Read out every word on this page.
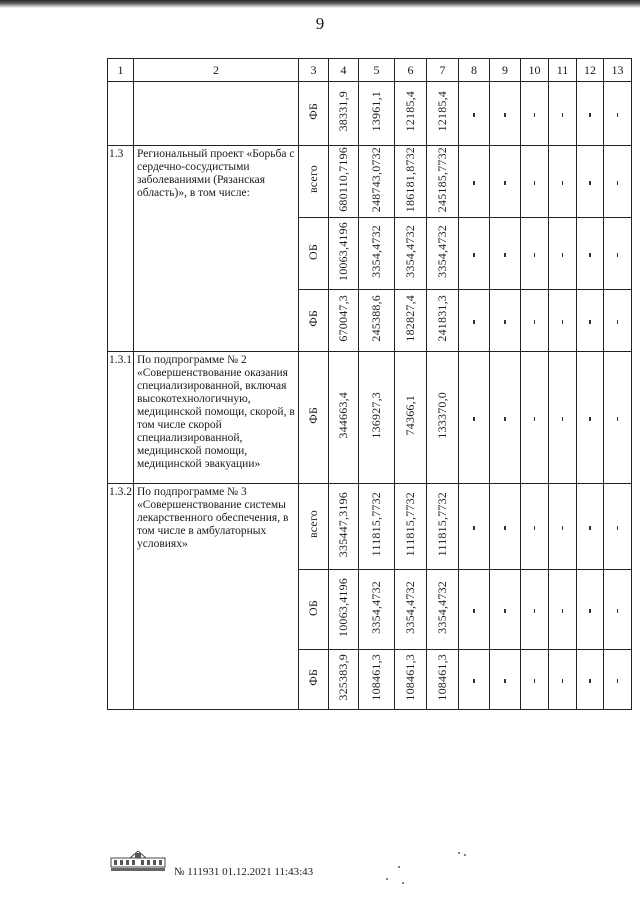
9
1	2	3	4	5	6	7	8	9	10	11	12	13
		ФБ	38331,9	13961,1	12185,4	12185,4						
1.3	Региональный проект «Борьба с сердечно-сосудистыми заболеваниями (Рязанская область)», в том числе:	всего	680110,7196	248743,0732	186181,8732	245185,7732						
		ОБ	10063,4196	3354,4732	3354,4732	3354,4732						
		ФБ	670047,3	245388,6	182827,4	241831,3						
1.3.1	По подпрограмме № 2 «Совершенствование оказания специализированной, включая высокотехнологичную, медицинской помощи, скорой, в том числе скорой специализированной, медицинской помощи, медицинской эвакуации»	ФБ	344663,4	136927,3	74366,1	133370,0						
1.3.2	По подпрограмме № 3 «Совершенствование системы лекарственного обеспечения, в том числе в амбулаторных условиях»	всего	335447,3196	111815,7732	111815,7732	111815,7732						
		ОБ	10063,4196	3354,4732	3354,4732	3354,4732						
		ФБ	325383,9	108461,3	108461,3	108461,3						
№ 111931 01.12.2021 11:43:43
